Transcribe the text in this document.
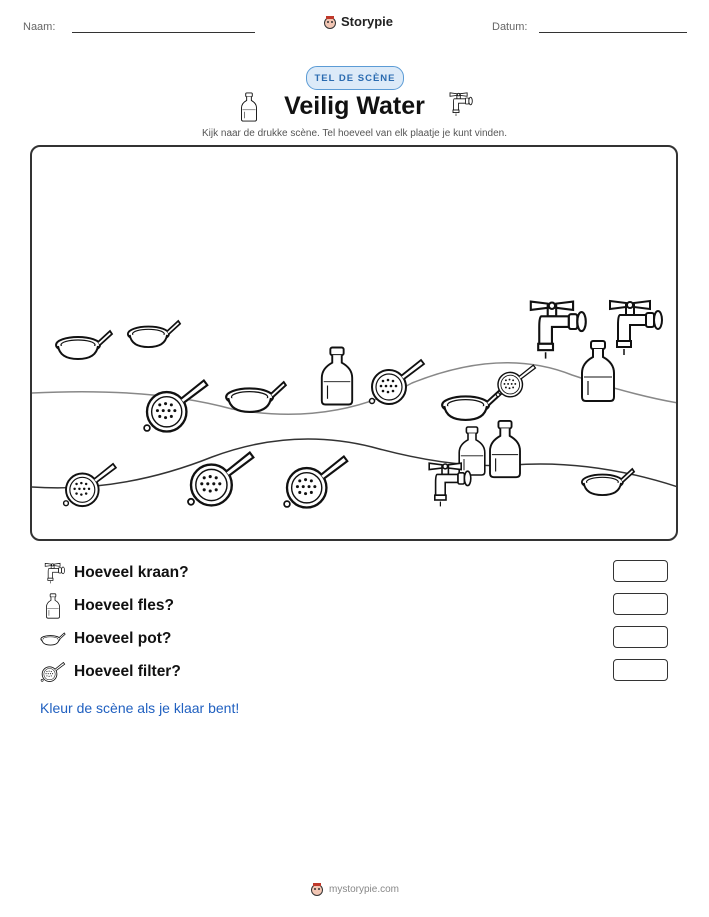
Naam:	Storypie	Datum:
TEL DE SCÈNE
Veilig Water
Kijk naar de drukke scène. Tel hoeveel van elk plaatje je kunt vinden.
Hoeveel kraan?
Hoeveel fles?
Hoeveel pot?
Hoeveel filter?
Kleur de scène als je klaar bent!
mystorypie.com
